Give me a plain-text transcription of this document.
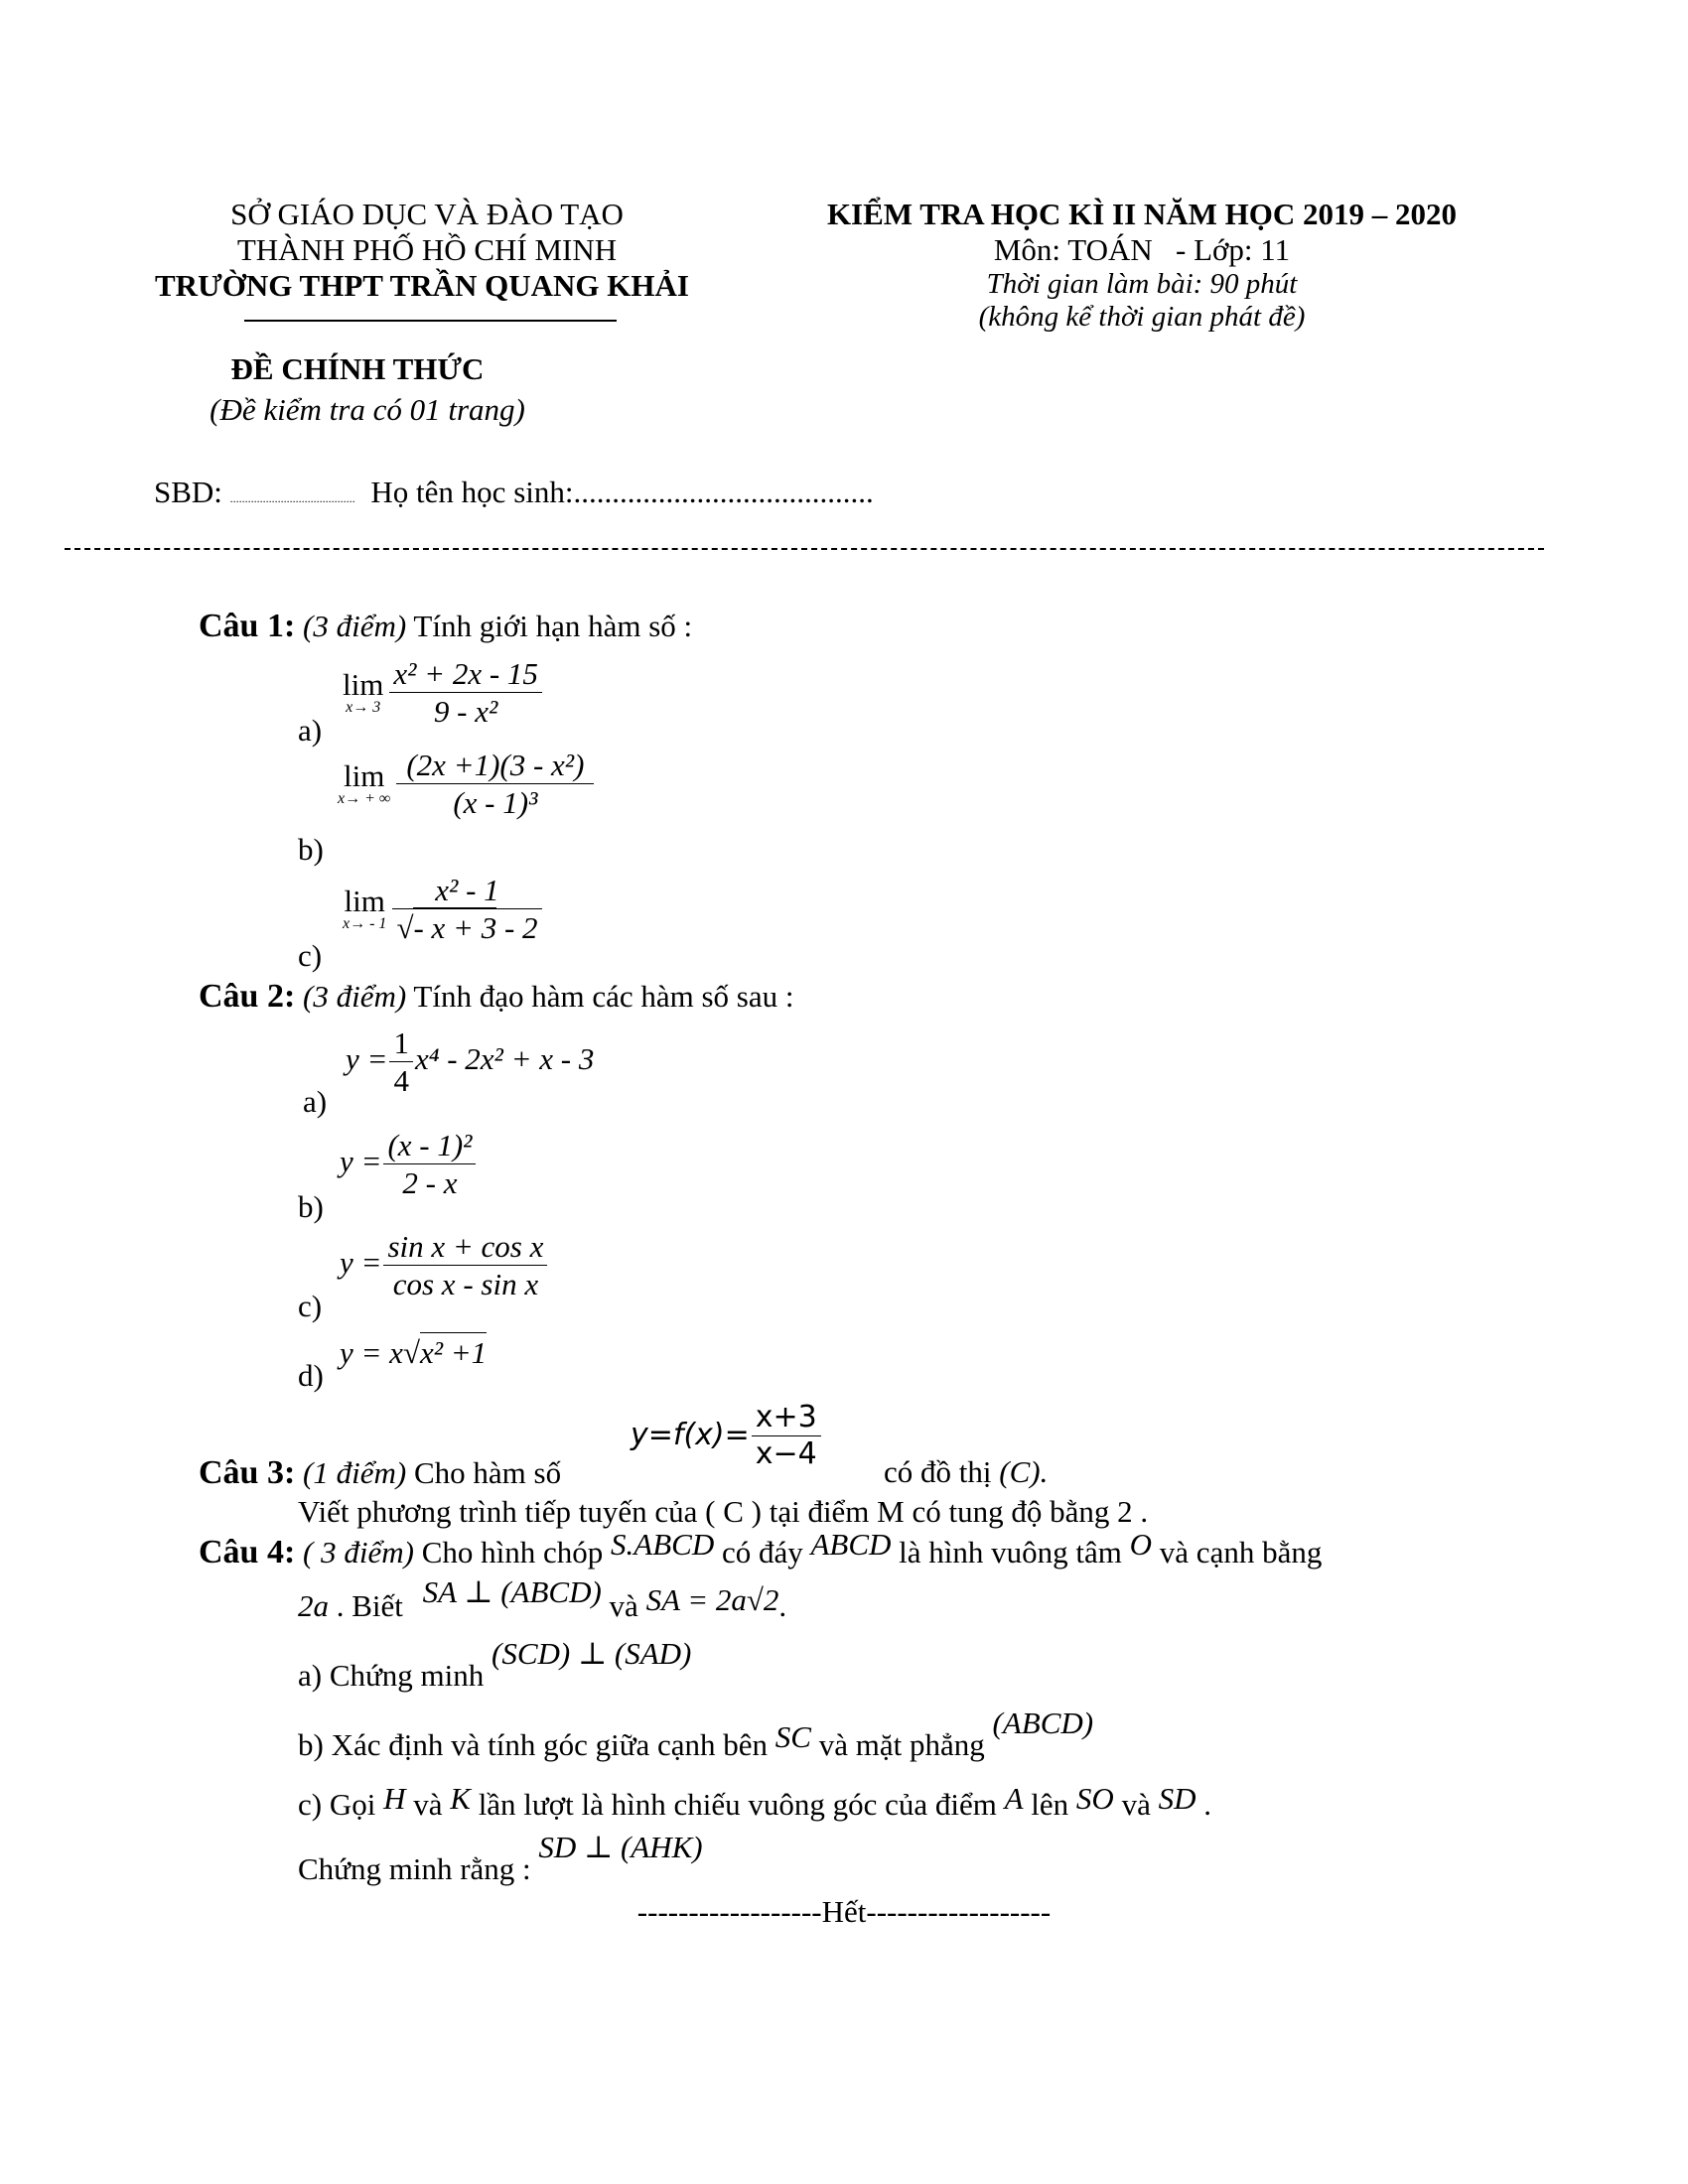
SỞ GIÁO DỤC VÀ ĐÀO TẠO
THÀNH PHỐ HỒ CHÍ MINH
TRƯỜNG THPT TRẦN QUANG KHẢI
ĐỀ CHÍNH THỨC
(Đề kiểm tra có 01 trang)
KIỂM TRA HỌC KÌ II NĂM HỌC 2019 – 2020
Môn: TOÁN   - Lớp: 11
Thời gian làm bài: 90 phút
(không kể thời gian phát đề)
SBD: .......................................... Họ tên học sinh:.......................................
Câu 1: (3 điểm) Tính giới hạn hàm số :
a)
lim
$x\to 3 \frac{\text{x² + 2x - 15}}{\text{9 - x²}}$
b)
lim
x→ + ∞ $\frac{\text{(2x +1)(3 - x²)}}{\text{(x - 1)³}}$
c)
lim
$x\to - 1 \frac{\text{x² - 1}}{√- x + 3 - 2}$
Câu 2: (3 điểm) Tính đạo hàm các hàm số sau :
a)
$y = \frac{1}{4} x^4 - 2x^2 + x - 3$
b)
$y = \frac{\text{(x - 1)²}}{2 - x}$
c)
$y = \frac{\text{sin x + cos x}}{\text{cos x - sin x}}$
d)
y = x√x² +1
Câu 3: (1 điểm) Cho hàm số
$y=f(x)= \frac{x+3}{x-4}$ có đồ thị (C).
Viết phương trình tiếp tuyến của ( C ) tại điểm M có tung độ bằng 2 .
Câu 4: ( 3 điểm) Cho hình chóp S.ABCD có đáy ABCD là hình vuông tâm O và cạnh bằng
2a . Biết SA ⊥ (ABCD) và SA = 2a√2.
a) Chứng minh (SCD) ⊥ (SAD)
b) Xác định và tính góc giữa cạnh bên SC và mặt phẳng (ABCD)
c) Gọi H và K lần lượt là hình chiếu vuông góc của điểm A lên SO và SD .
Chứng minh rằng : SD ⊥ (AHK)
------------------Hết------------------
